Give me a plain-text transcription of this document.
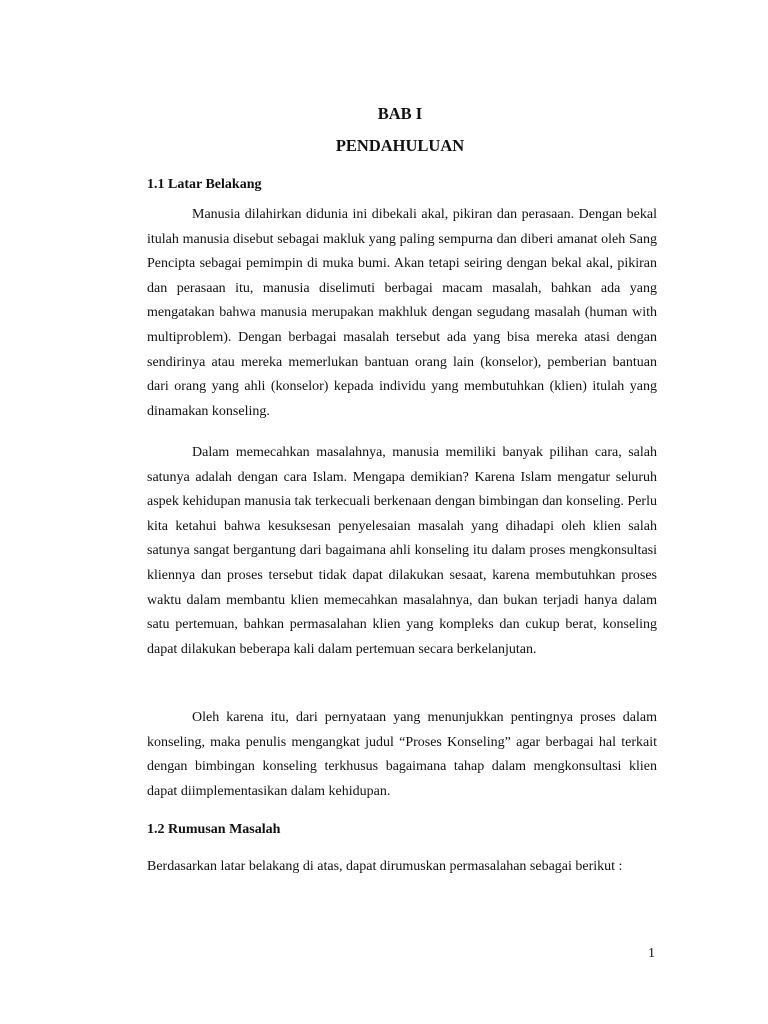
BAB I
PENDAHULUAN
1.1 Latar Belakang

Manusia dilahirkan didunia ini dibekali akal, pikiran dan perasaan. Dengan bekal itulah manusia disebut sebagai makluk yang paling sempurna dan diberi amanat oleh Sang Pencipta sebagai pemimpin di muka bumi. Akan tetapi seiring dengan bekal akal, pikiran dan perasaan itu, manusia diselimuti berbagai macam masalah, bahkan ada yang mengatakan bahwa manusia merupakan makhluk dengan segudang masalah (human with multiproblem). Dengan berbagai masalah tersebut ada yang bisa mereka atasi dengan sendirinya atau mereka memerlukan bantuan orang lain (konselor), pemberian bantuan dari orang yang ahli (konselor) kepada individu yang membutuhkan (klien) itulah yang dinamakan konseling.

Dalam memecahkan masalahnya, manusia memiliki banyak pilihan cara, salah satunya adalah dengan cara Islam. Mengapa demikian? Karena Islam mengatur seluruh aspek kehidupan manusia tak terkecuali berkenaan dengan bimbingan dan konseling. Perlu kita ketahui bahwa kesuksesan penyelesaian masalah yang dihadapi oleh klien salah satunya sangat bergantung dari bagaimana ahli konseling itu dalam proses mengkonsultasi kliennya dan proses tersebut tidak dapat dilakukan sesaat, karena membutuhkan proses waktu dalam membantu klien memecahkan masalahnya, dan bukan terjadi hanya dalam satu pertemuan, bahkan permasalahan klien yang kompleks dan cukup berat, konseling dapat dilakukan beberapa kali dalam pertemuan secara berkelanjutan.

Oleh karena itu, dari pernyataan yang menunjukkan pentingnya proses dalam konseling, maka penulis mengangkat judul “Proses Konseling” agar berbagai hal terkait dengan bimbingan konseling terkhusus bagaimana tahap dalam mengkonsultasi klien dapat diimplementasikan dalam kehidupan.

1.2 Rumusan Masalah

Berdasarkan latar belakang di atas, dapat dirumuskan permasalahan sebagai berikut :

1
